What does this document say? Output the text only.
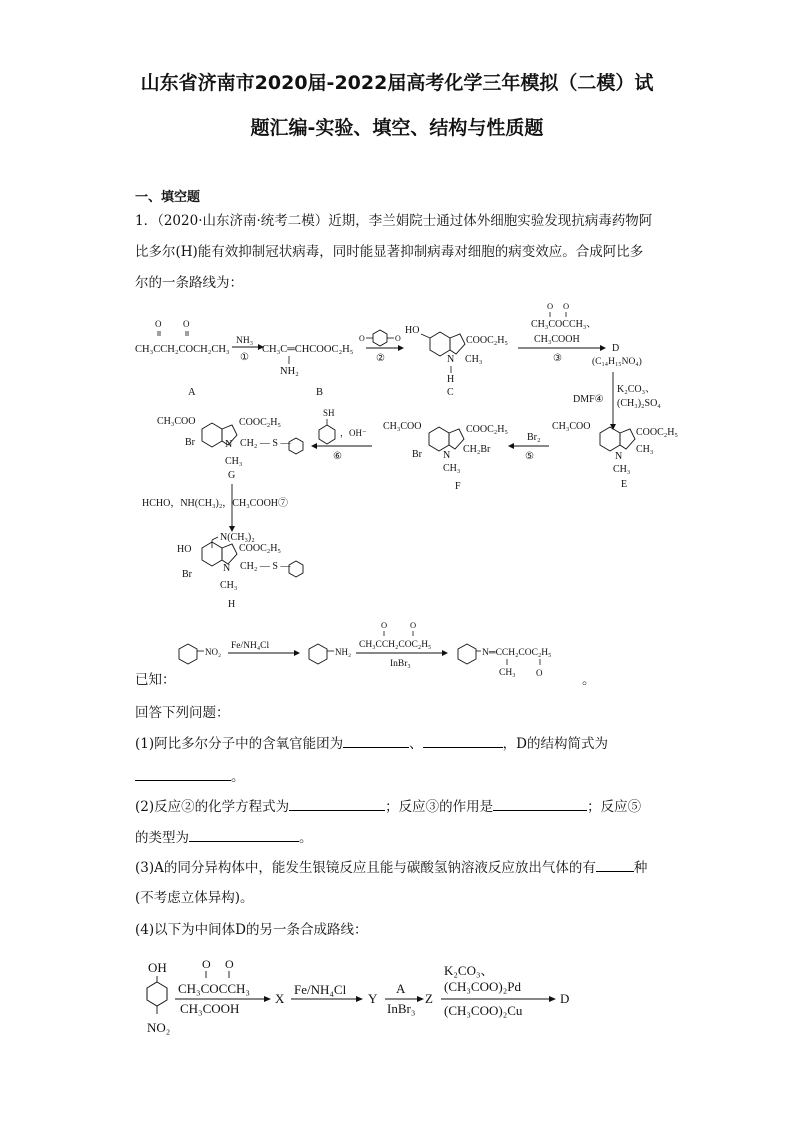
山东省济南市2020届-2022届高考化学三年模拟（二模）试
题汇编-实验、填空、结构与性质题
一、填空题
1．（2020·山东济南·统考二模）近期，李兰娟院士通过体外细胞实验发现抗病毒药物阿
比多尔(H)能有效抑制冠状病毒，同时能显著抑制病毒对细胞的病变效应。合成阿比多
尔的一条路线为：
O O
CH₃CCH₂COCH₂CH₃
A
NH₃
①
CH₃C═CHCOOC₂H₅
NH₂
B
O	O
②
HO
COOC₂H₅
CH₃
N
H
C
O O
CH₃COCCH₃、
CH₃COOH
③
D
(C₁₄H₁₅NO₄)
DMF④
K₂CO₃、
(CH₃)₂SO₄
CH₃COO
COOC₂H₅
CH₃
N
CH₃
E
Br₂
⑤
CH₃COO	COOC₂H₅
Br	CH₂Br
N
CH₃
F
SH
，OH⁻
⑥
CH₃COO	COOC₂H₅
Br	N CH₂ — S —
CH₃
G
HCHO，NH(CH₃)₂，CH₃COOH⑦
N(CH₃)₂
HO	COOC₂H₅
Br
N CH₂ — S —
CH₃
H
NO₂
Fe/NH₄Cl
NH₂
O	O
CH₃CCH₂COC₂H₅
InBr₃
N═CCH₂COC₂H₅
CH₃ O
OH
NO₂
O O
CH₃COCCH₃
CH₃COOH
X
Fe/NH₄Cl
Y
A
InBr₃
Z
K₂CO₃、
(CH₃COO)₂Pd
(CH₃COO)₂Cu
D
已知：	。
回答下列问题：
(1)阿比多尔分子中的含氧官能团为	、	，D的结构简式为
。
(2)反应②的化学方程式为	；反应③的作用是	；反应⑤
的类型为	。
(3)A的同分异构体中，能发生银镜反应且能与碳酸氢钠溶液反应放出气体的有	种
(不考虑立体异构)。
(4)以下为中间体D的另一条合成路线：
